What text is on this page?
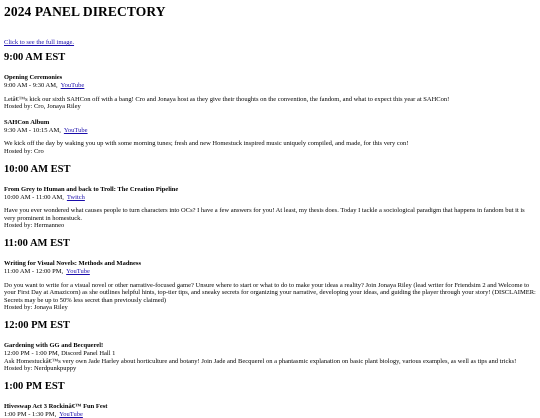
2024 PANEL DIRECTORY
Click to see the full image.
9:00 AM EST
Opening Ceremonies

9:00 AM - 9:30 AM, YouTube

Letâ€™s kick our sixth SAHCon off with a bang! Cro and Jonaya host as they give their thoughts on the convention, the fandom, and what to expect this year at SAHCon!

Hosted by: Cro, Jonaya Riley

SAHCon Album

9:30 AM - 10:15 AM, YouTube

We kick off the day by waking you up with some morning tunes; fresh and new Homestuck inspired music uniquely compiled, and made, for this very con!

Hosted by: Cro

10:00 AM EST
From Grey to Human and back to Troll: The Creation Pipeline

10:00 AM - 11:00 AM, Twitch

Have you ever wondered what causes people to turn characters into OCs? I have a few answers for you! At least, my thesis does. Today I tackle a sociological paradigm that happens in fandom but it is very prominent in homestuck.

Hosted by: Hermanneo

11:00 AM EST
Writing for Visual Novels: Methods and Madness

11:00 AM - 12:00 PM, YouTube

Do you want to write for a visual novel or other narrative-focused game? Unsure where to start or what to do to make your ideas a reality? Join Jonaya Riley (lead writer for Friendsim 2 and Welcome to your First Day at Amazicorn) as she outlines helpful hints, top-tier tips, and sneaky secrets for organizing your narrative, developing your ideas, and guiding the player through your story! (DISCLAIMER: Secrets may be up to 50% less secret than previously claimed)

Hosted by: Jonaya Riley

12:00 PM EST
Gardening with GG and Becquerel!

12:00 PM - 1:00 PM, Discord Panel Hall 1

Ask Homestuckâ€™s very own Jade Harley about horticulture and botany! Join Jade and Becquerel on a phantasmic explanation on basic plant biology, various examples, as well as tips and tricks!

Hosted by: Nerdpunkpuppy

1:00 PM EST
Hiveswap Act 3 Rockinâ€™ Fun Fest

1:00 PM - 1:30 PM, YouTube
